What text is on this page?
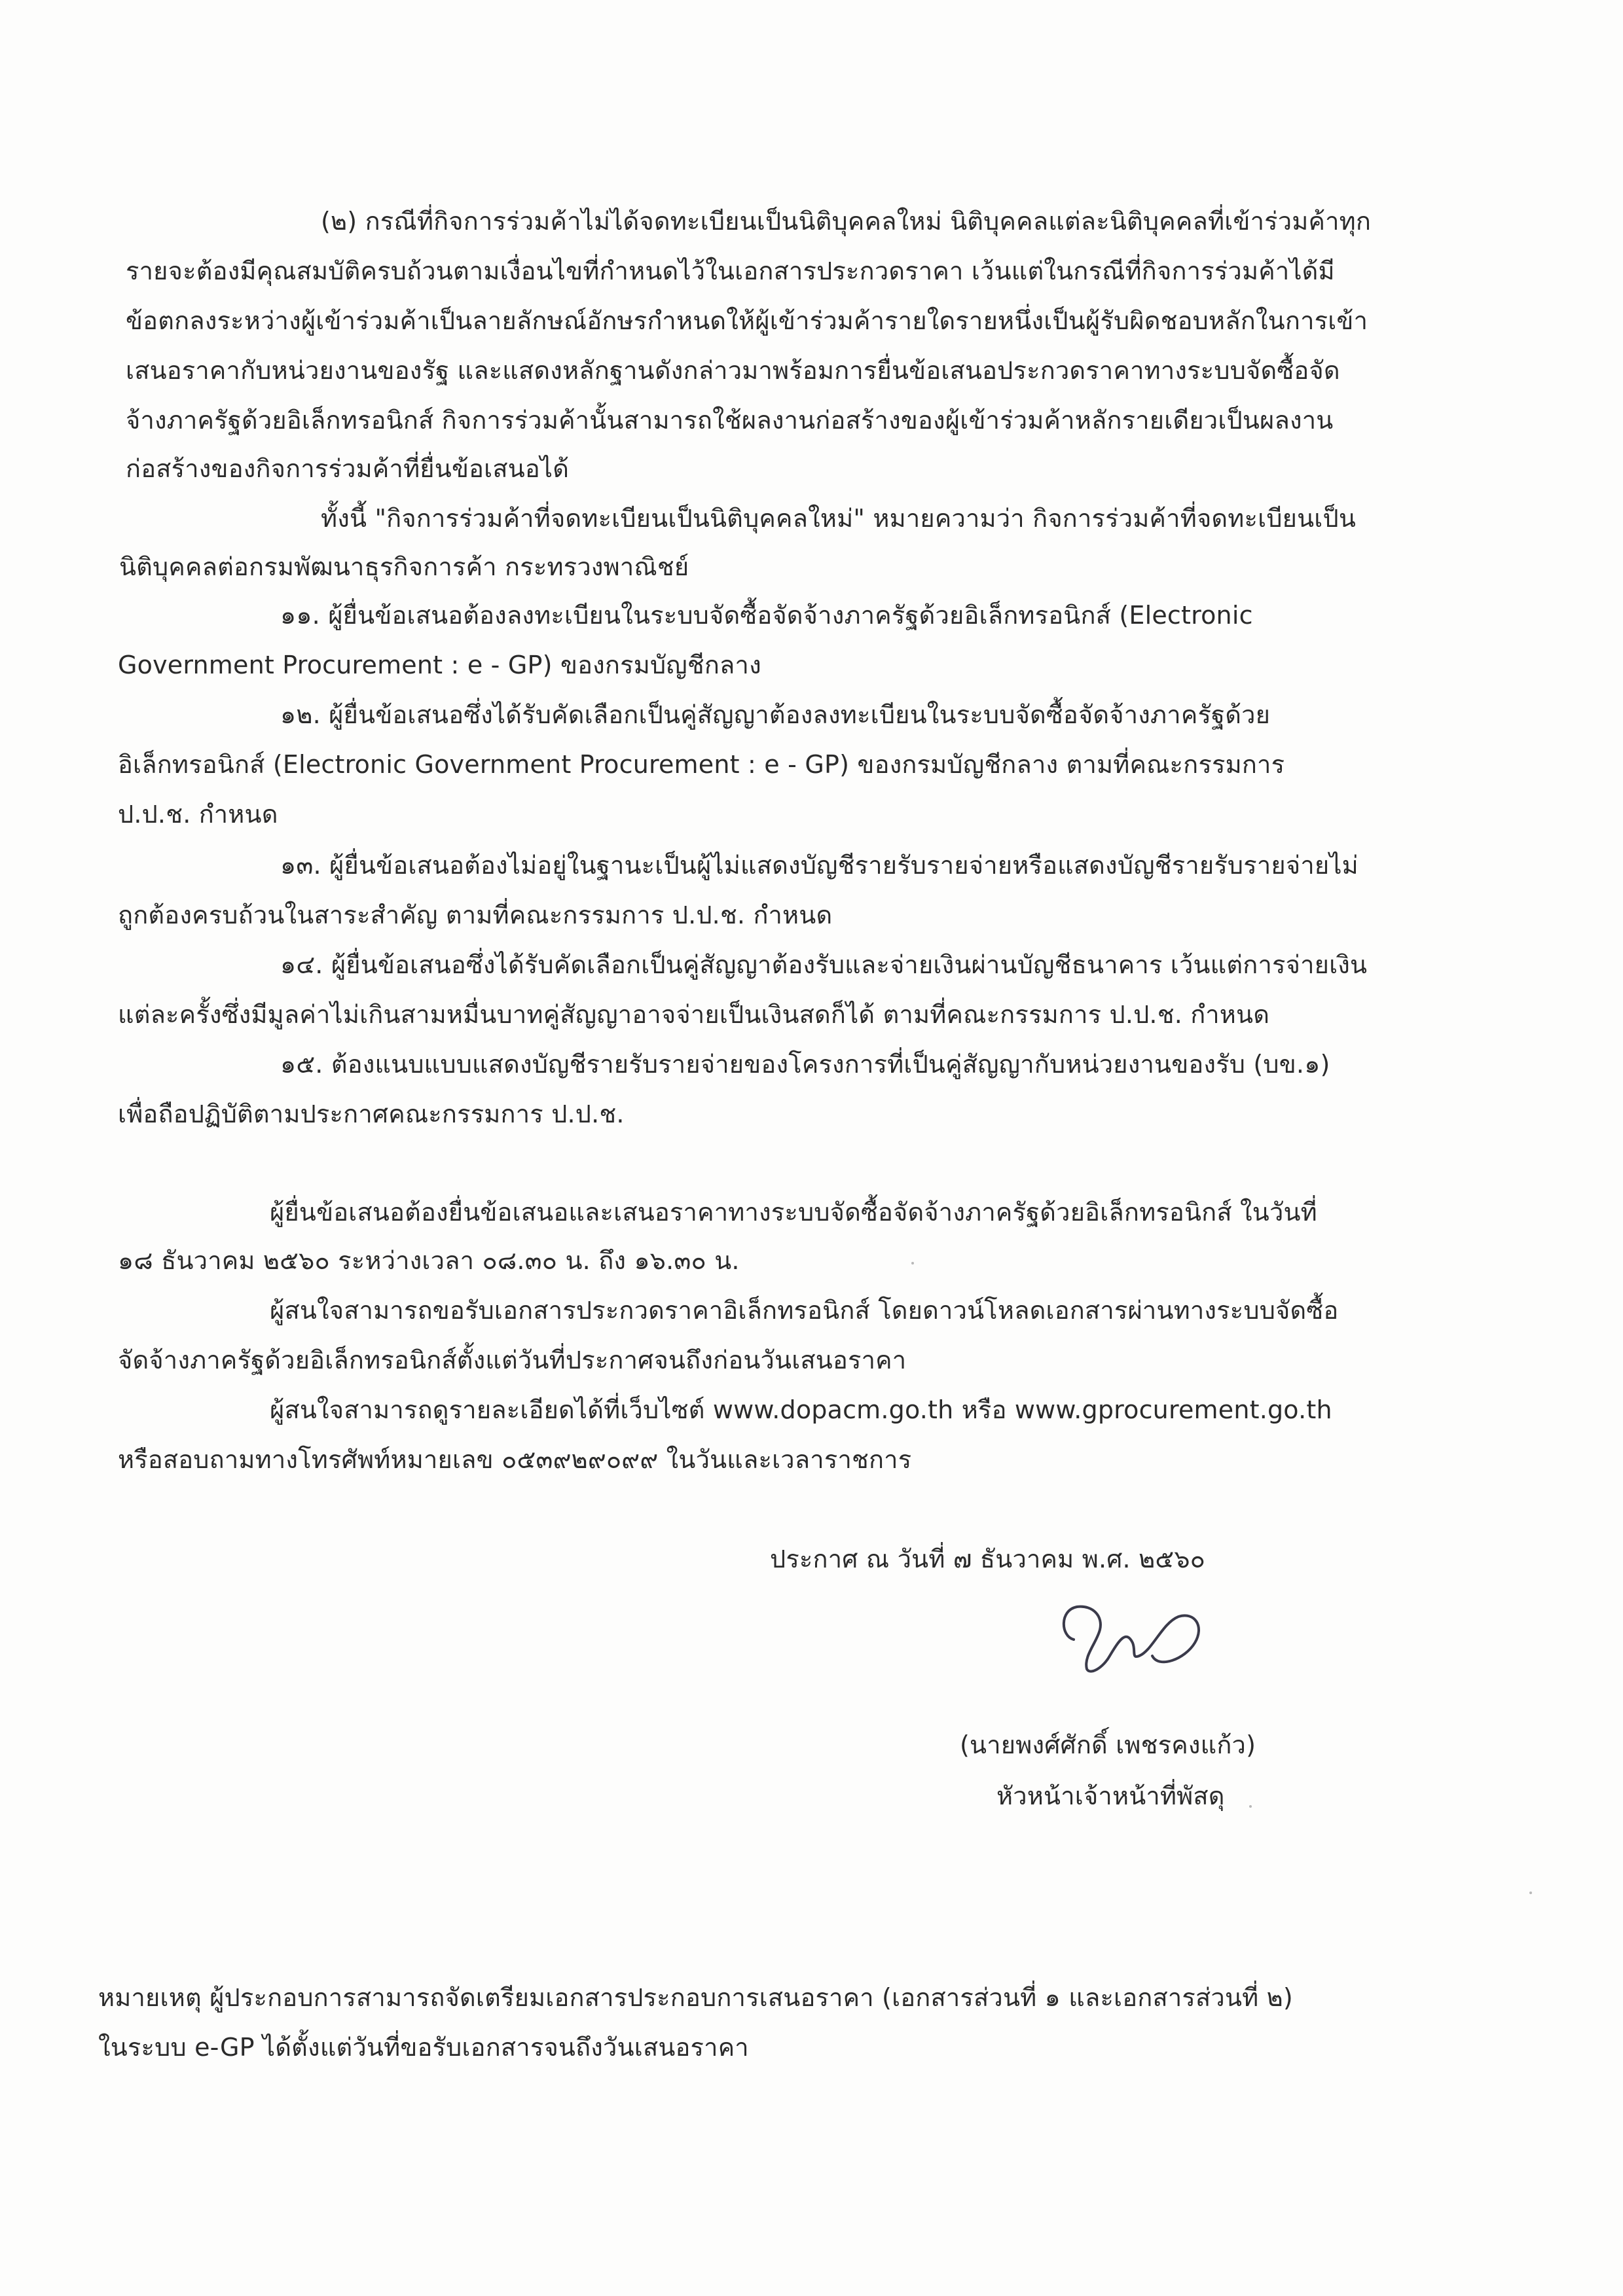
(๒) กรณีที่กิจการร่วมค้าไม่ได้จดทะเบียนเป็นนิติบุคคลใหม่ นิติบุคคลแต่ละนิติบุคคลที่เข้าร่วมค้าทุก
รายจะต้องมีคุณสมบัติครบถ้วนตามเงื่อนไขที่กำหนดไว้ในเอกสารประกวดราคา เว้นแต่ในกรณีที่กิจการร่วมค้าได้มี
ข้อตกลงระหว่างผู้เข้าร่วมค้าเป็นลายลักษณ์อักษรกำหนดให้ผู้เข้าร่วมค้ารายใดรายหนึ่งเป็นผู้รับผิดชอบหลักในการเข้า
เสนอราคากับหน่วยงานของรัฐ และแสดงหลักฐานดังกล่าวมาพร้อมการยื่นข้อเสนอประกวดราคาทางระบบจัดซื้อจัด
จ้างภาครัฐด้วยอิเล็กทรอนิกส์ กิจการร่วมค้านั้นสามารถใช้ผลงานก่อสร้างของผู้เข้าร่วมค้าหลักรายเดียวเป็นผลงาน
ก่อสร้างของกิจการร่วมค้าที่ยื่นข้อเสนอได้
ทั้งนี้ "กิจการร่วมค้าที่จดทะเบียนเป็นนิติบุคคลใหม่" หมายความว่า กิจการร่วมค้าที่จดทะเบียนเป็น
นิติบุคคลต่อกรมพัฒนาธุรกิจการค้า กระทรวงพาณิชย์
๑๑. ผู้ยื่นข้อเสนอต้องลงทะเบียนในระบบจัดซื้อจัดจ้างภาครัฐด้วยอิเล็กทรอนิกส์ (Electronic
Government Procurement : e - GP) ของกรมบัญชีกลาง
๑๒. ผู้ยื่นข้อเสนอซึ่งได้รับคัดเลือกเป็นคู่สัญญาต้องลงทะเบียนในระบบจัดซื้อจัดจ้างภาครัฐด้วย
อิเล็กทรอนิกส์ (Electronic Government Procurement : e - GP) ของกรมบัญชีกลาง ตามที่คณะกรรมการ
ป.ป.ช. กำหนด
๑๓. ผู้ยื่นข้อเสนอต้องไม่อยู่ในฐานะเป็นผู้ไม่แสดงบัญชีรายรับรายจ่ายหรือแสดงบัญชีรายรับรายจ่ายไม่
ถูกต้องครบถ้วนในสาระสำคัญ ตามที่คณะกรรมการ ป.ป.ช. กำหนด
๑๔. ผู้ยื่นข้อเสนอซึ่งได้รับคัดเลือกเป็นคู่สัญญาต้องรับและจ่ายเงินผ่านบัญชีธนาคาร เว้นแต่การจ่ายเงิน
แต่ละครั้งซึ่งมีมูลค่าไม่เกินสามหมื่นบาทคู่สัญญาอาจจ่ายเป็นเงินสดก็ได้ ตามที่คณะกรรมการ ป.ป.ช. กำหนด
๑๕. ต้องแนบแบบแสดงบัญชีรายรับรายจ่ายของโครงการที่เป็นคู่สัญญากับหน่วยงานของรับ (บข.๑)
เพื่อถือปฏิบัติตามประกาศคณะกรรมการ ป.ป.ช.
ผู้ยื่นข้อเสนอต้องยื่นข้อเสนอและเสนอราคาทางระบบจัดซื้อจัดจ้างภาครัฐด้วยอิเล็กทรอนิกส์ ในวันที่
๑๘ ธันวาคม ๒๕๖๐ ระหว่างเวลา ๐๘.๓๐ น. ถึง ๑๖.๓๐ น.
ผู้สนใจสามารถขอรับเอกสารประกวดราคาอิเล็กทรอนิกส์ โดยดาวน์โหลดเอกสารผ่านทางระบบจัดซื้อ
จัดจ้างภาครัฐด้วยอิเล็กทรอนิกส์ตั้งแต่วันที่ประกาศจนถึงก่อนวันเสนอราคา
ผู้สนใจสามารถดูรายละเอียดได้ที่เว็บไซต์ www.dopacm.go.th หรือ www.gprocurement.go.th
หรือสอบถามทางโทรศัพท์หมายเลข ๐๕๓๙๒๙๐๙๙ ในวันและเวลาราชการ
ประกาศ ณ วันที่ ๗ ธันวาคม พ.ศ. ๒๕๖๐
(นายพงศ์ศักดิ์ เพชรคงแก้ว)
หัวหน้าเจ้าหน้าที่พัสดุ
หมายเหตุ ผู้ประกอบการสามารถจัดเตรียมเอกสารประกอบการเสนอราคา (เอกสารส่วนที่ ๑ และเอกสารส่วนที่ ๒)
ในระบบ e-GP ได้ตั้งแต่วันที่ขอรับเอกสารจนถึงวันเสนอราคา
